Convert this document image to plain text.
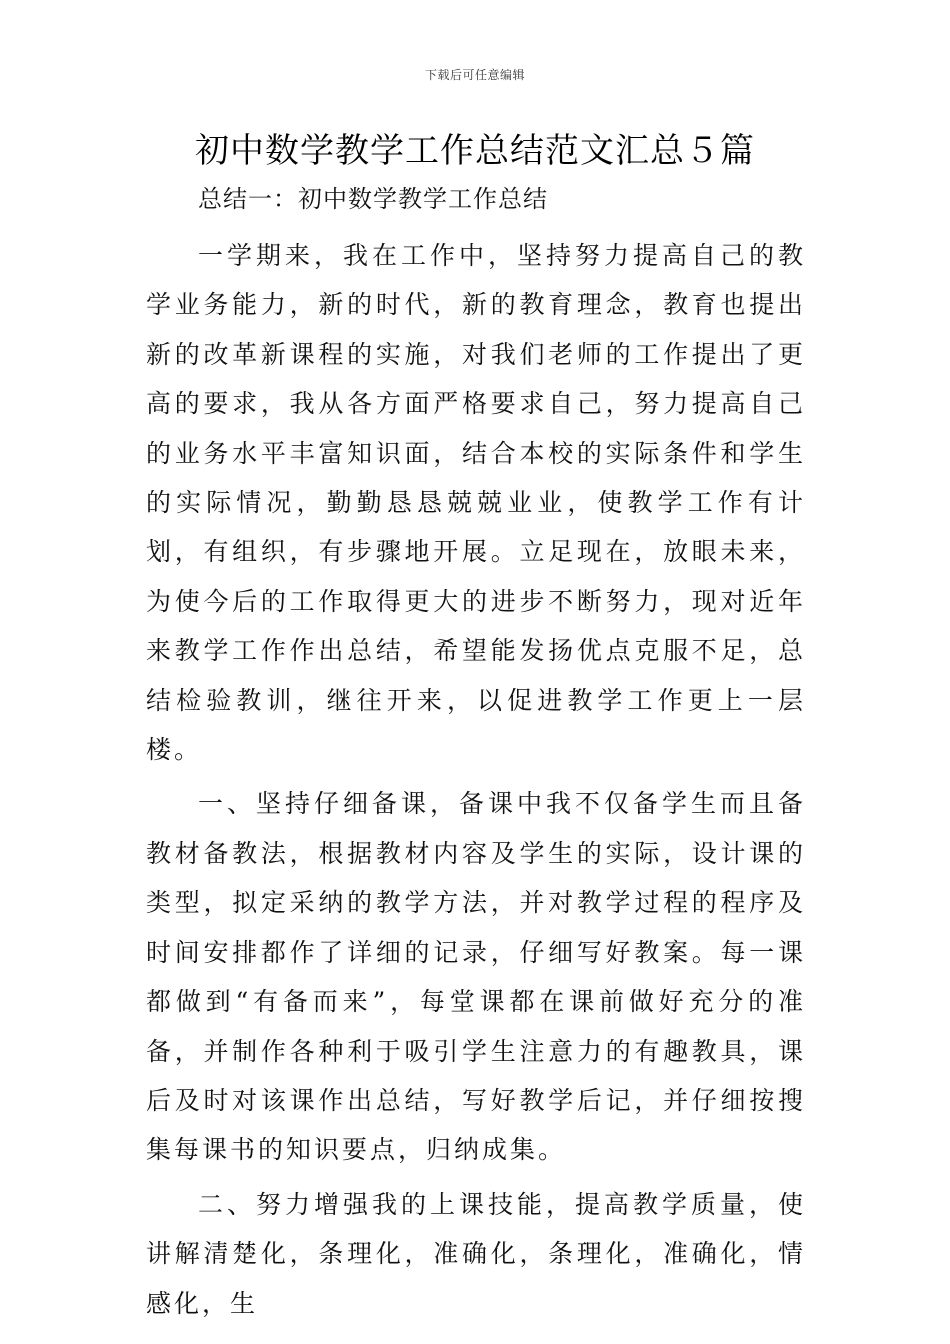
下载后可任意编辑
初中数学教学工作总结范文汇总５篇

总结一：初中数学教学工作总结

一学期来，我在工作中，坚持努力提高自己的教学业务能力，新的时代，新的教育理念，教育也提出新的改革新课程的实施，对我们老师的工作提出了更高的要求，我从各方面严格要求自己，努力提高自己的业务水平丰富知识面，结合本校的实际条件和学生的实际情况，勤勤恳恳兢兢业业，使教学工作有计划，有组织，有步骤地开展。立足现在，放眼未来，为使今后的工作取得更大的进步不断努力，现对近年来教学工作作出总结，希望能发扬优点克服不足，总结检验教训，继往开来，以促进教学工作更上一层楼。

一、坚持仔细备课，备课中我不仅备学生而且备教材备教法，根据教材内容及学生的实际，设计课的类型，拟定采纳的教学方法，并对教学过程的程序及时间安排都作了详细的记录，仔细写好教案。每一课都做到“有备而来”，每堂课都在课前做好充分的准备，并制作各种利于吸引学生注意力的有趣教具，课后及时对该课作出总结，写好教学后记，并仔细按搜集每课书的知识要点，归纳成集。

二、努力增强我的上课技能，提高教学质量，使讲解清楚化，条理化，准确化，条理化，准确化，情感化，生
